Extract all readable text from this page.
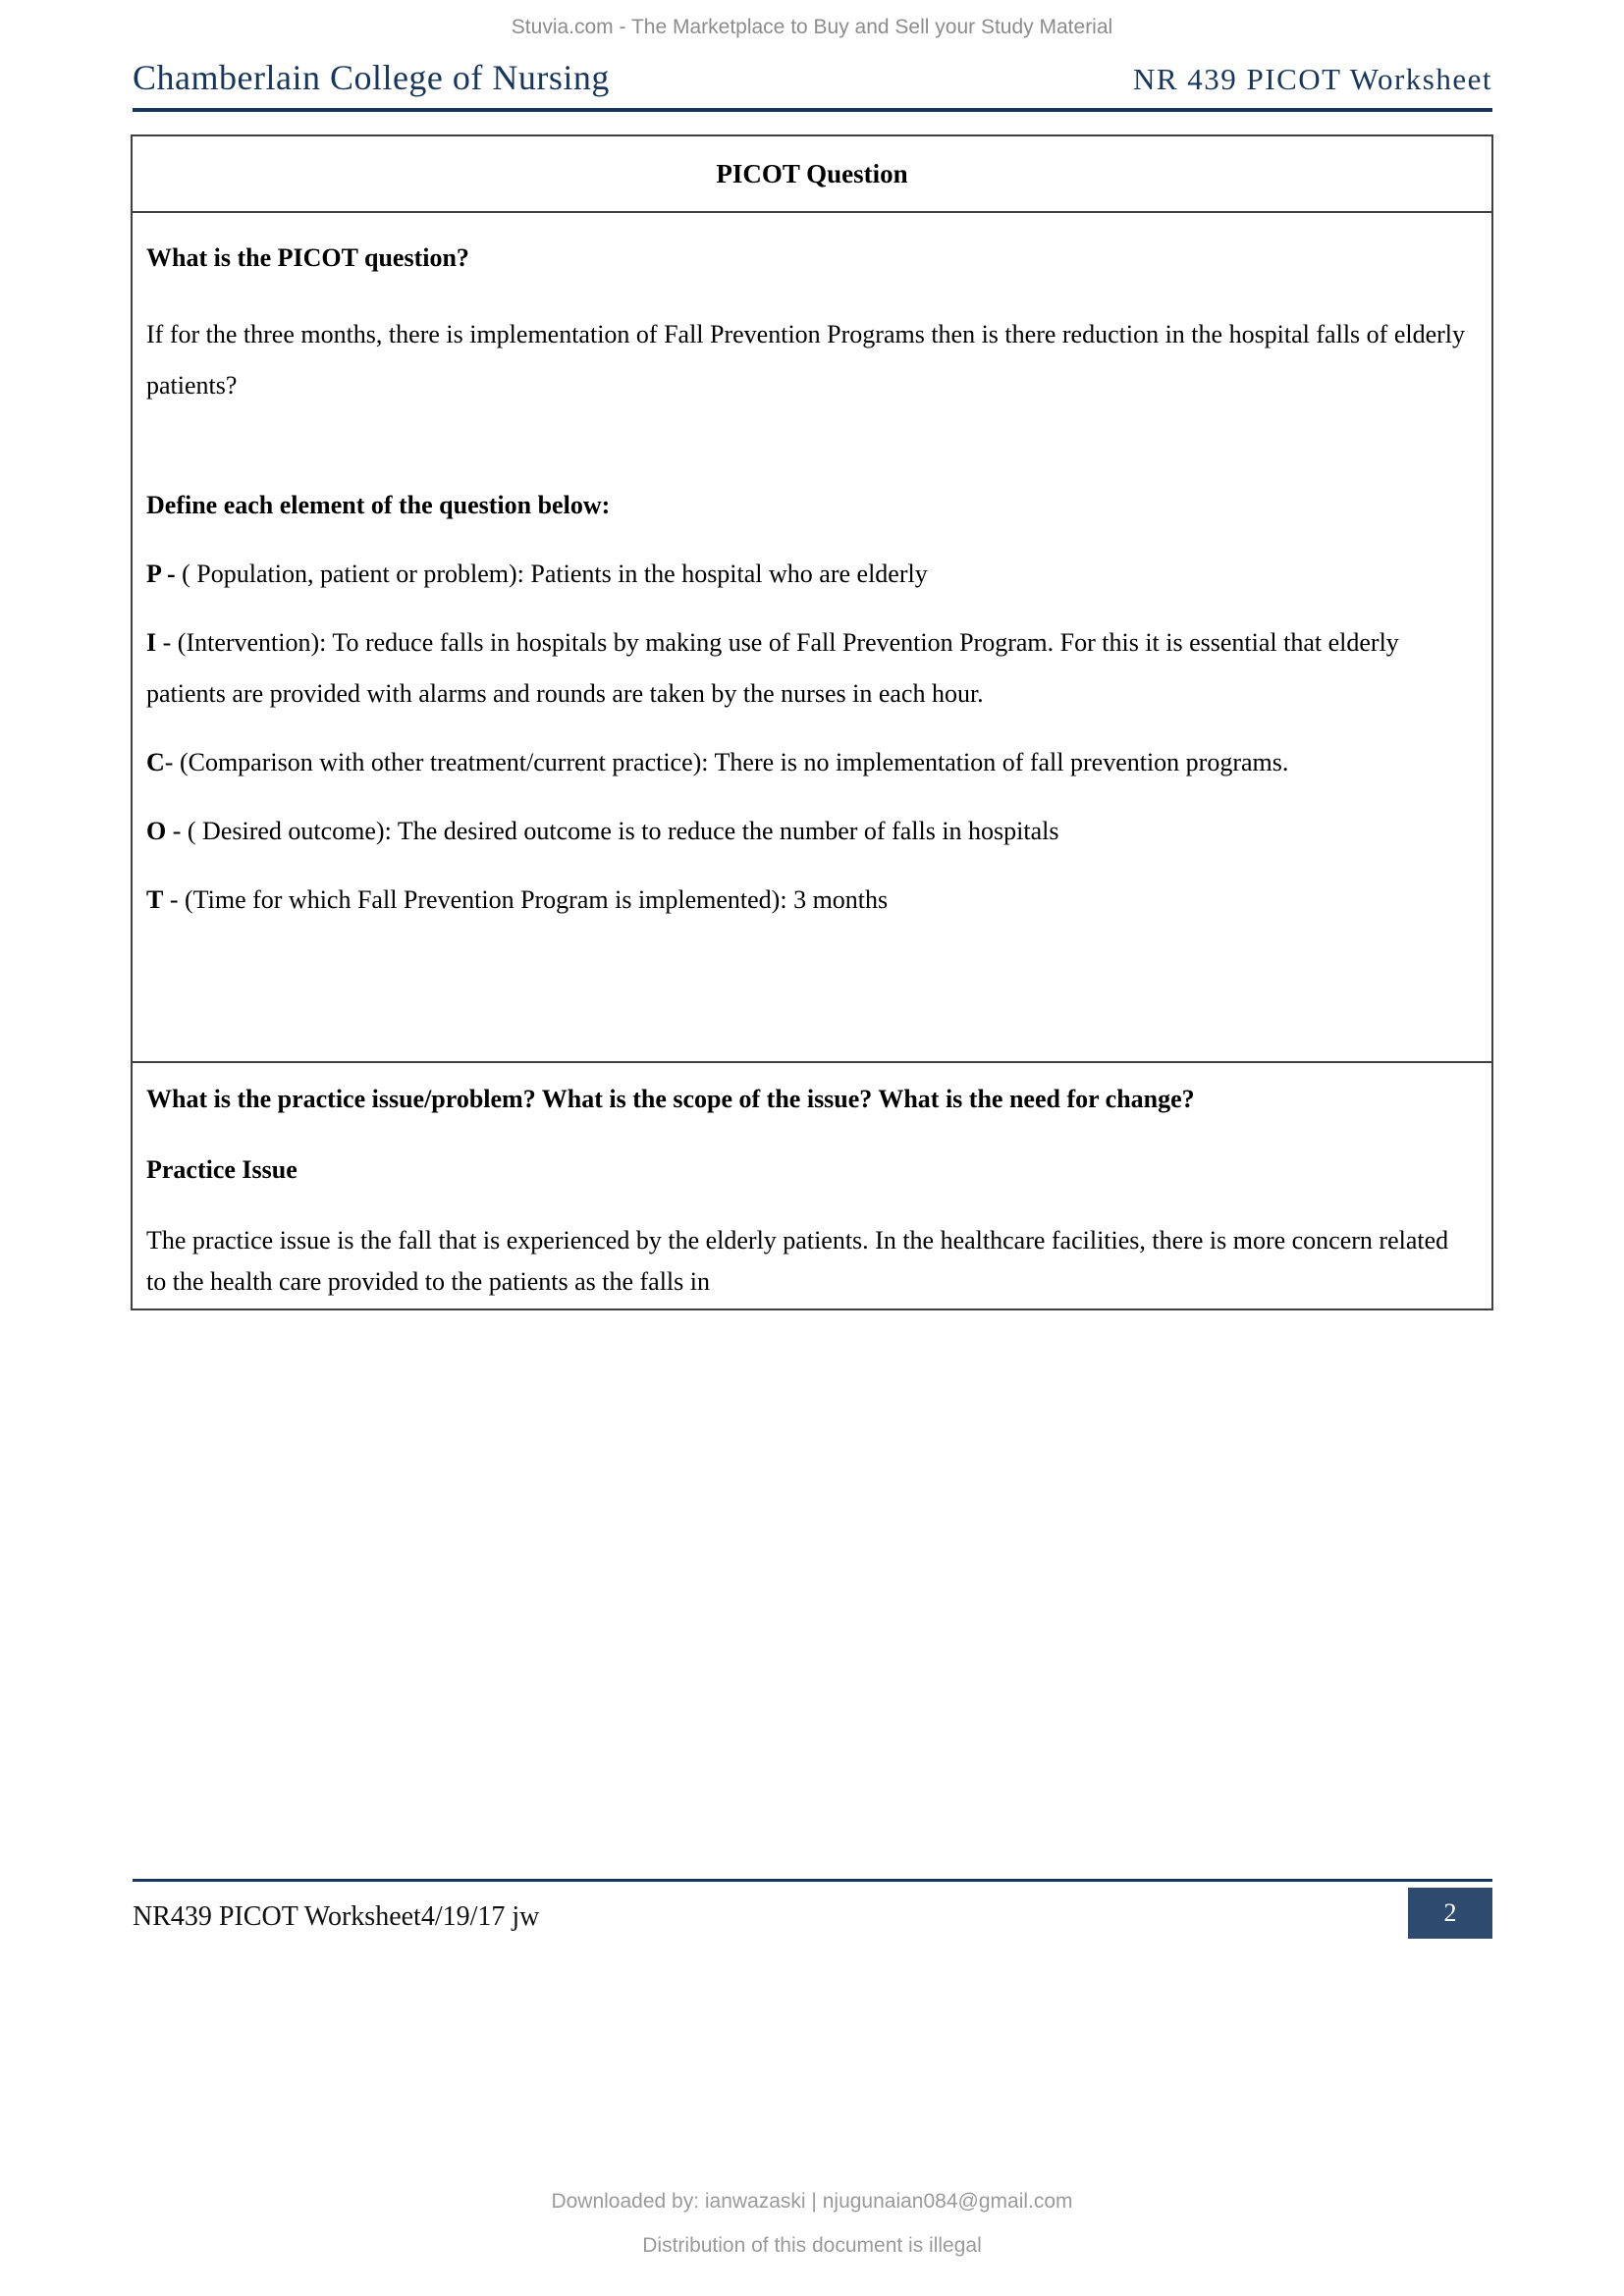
Stuvia.com - The Marketplace to Buy and Sell your Study Material
Chamberlain College of Nursing	NR 439 PICOT Worksheet
PICOT Question
What is the PICOT question?

If for the three months, there is implementation of Fall Prevention Programs then is there reduction in the hospital falls of elderly patients?

Define each element of the question below:

P - ( Population, patient or problem): Patients in the hospital who are elderly

I - (Intervention): To reduce falls in hospitals by making use of Fall Prevention Program. For this it is essential that elderly patients are provided with alarms and rounds are taken by the nurses in each hour.

C- (Comparison with other treatment/current practice): There is no implementation of fall prevention programs.

O - ( Desired outcome): The desired outcome is to reduce the number of falls in hospitals

T - (Time for which Fall Prevention Program is implemented): 3 months

What is the practice issue/problem? What is the scope of the issue? What is the need for change?
Practice Issue

The practice issue is the fall that is experienced by the elderly patients. In the healthcare facilities, there is more concern related to the health care provided to the patients as the falls in

NR439 PICOT Worksheet4/19/17 jw	2
Downloaded by: ianwazaski | njugunaian084@gmail.com
Distribution of this document is illegal
